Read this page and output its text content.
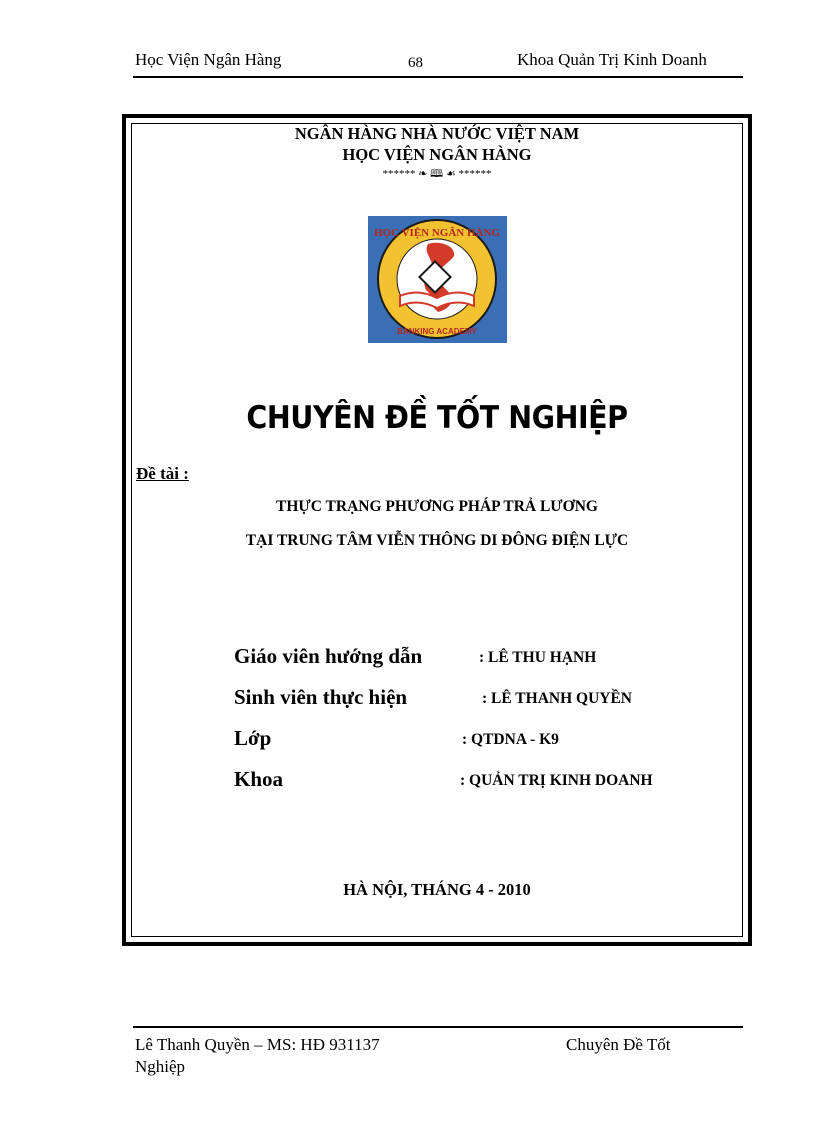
Học Viện Ngân Hàng	68	Khoa Quản Trị Kinh Doanh
NGÂN HÀNG NHÀ NƯỚC VIỆT NAM
HỌC VIỆN NGÂN HÀNG
****** ❧ 🕮 ☙ ******
HỌC VIỆN NGÂN HÀNG
BANKING ACADEMY
CHUYÊN ĐỀ TỐT NGHIỆP
Đề tài :
THỰC TRẠNG PHƯƠNG PHÁP TRẢ LƯƠNG
TẠI TRUNG TÂM VIỄN THÔNG DI ĐÔNG ĐIỆN LỰC
Giáo viên hướng dẫn	: LÊ THU HẠNH
Sinh viên thực hiện	: LÊ THANH QUYỀN
Lớp	: QTDNA - K9
Khoa	: QUẢN TRỊ KINH DOANH
HÀ NỘI, THÁNG 4 - 2010
Lê Thanh Quyền – MS: HĐ 931137	Chuyên Đề Tốt
Nghiệp
